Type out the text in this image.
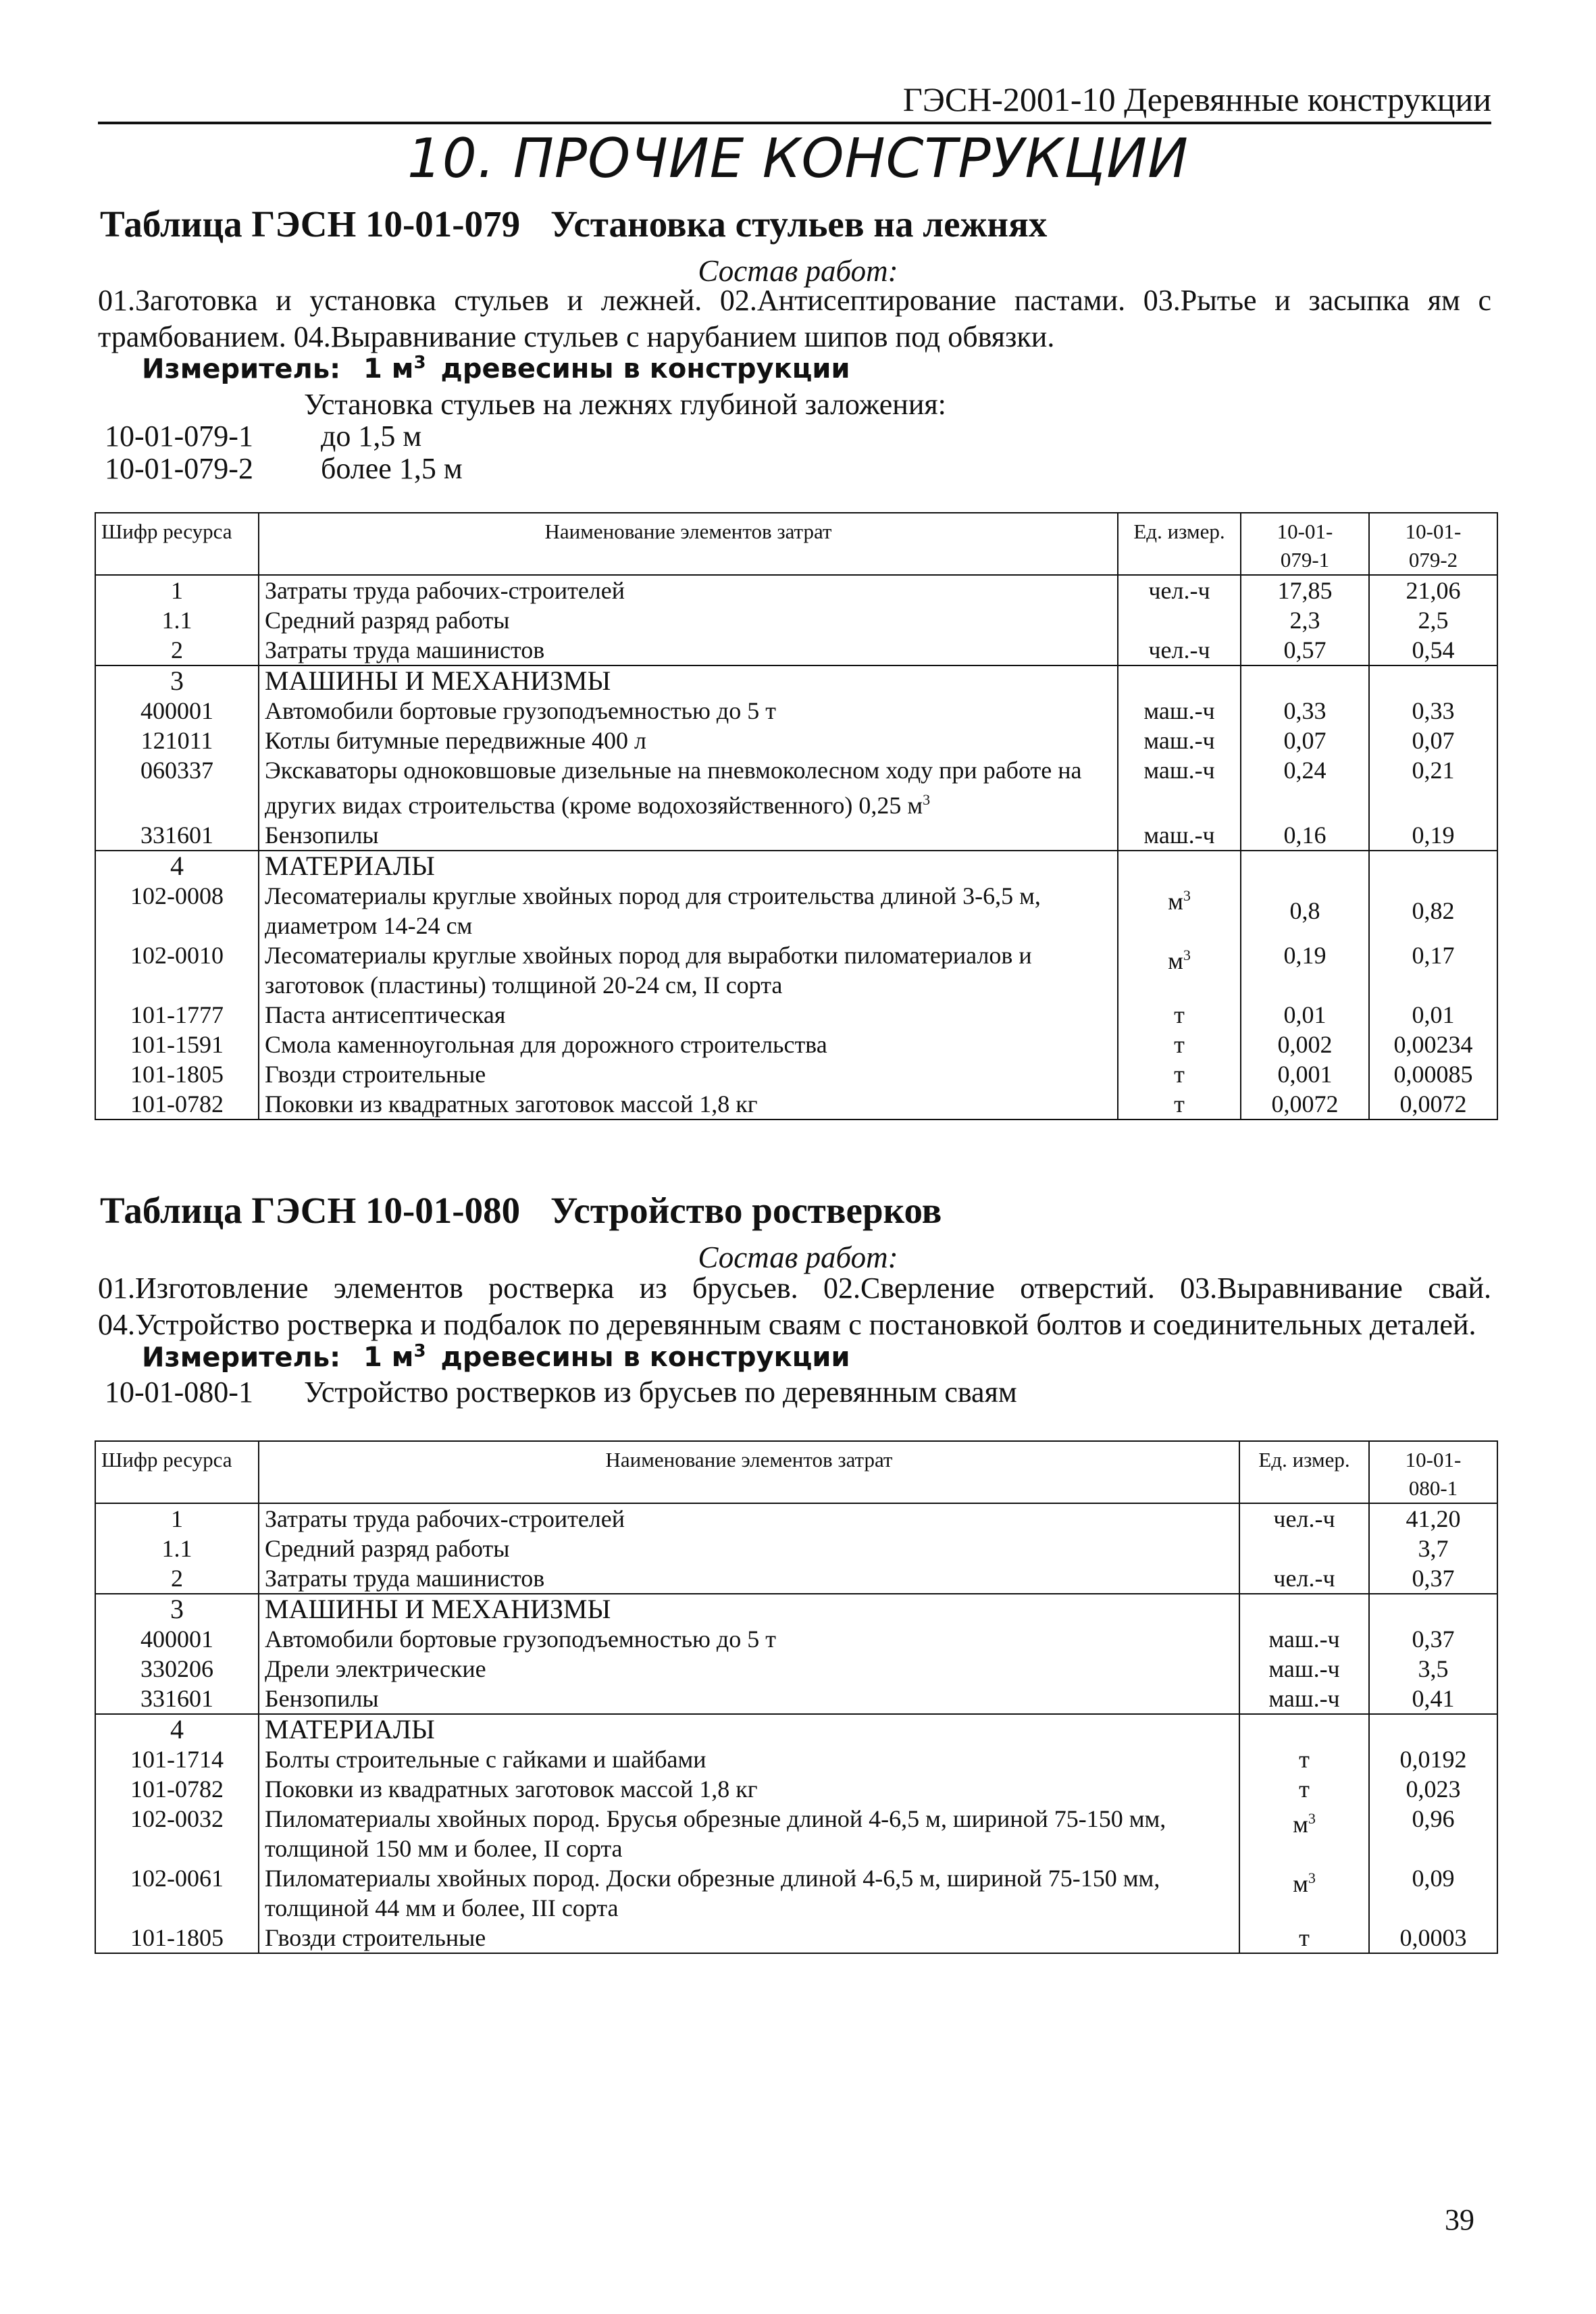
ГЭСН-2001-10 Деревянные конструкции
10. ПРОЧИЕ КОНСТРУКЦИИ
Таблица ГЭСН 10-01-079 Установка стульев на лежнях
Состав работ:
01.Заготовка и установка стульев и лежней. 02.Антисептирование пастами. 03.Рытье и засыпка ям с трамбованием. 04.Выравнивание стульев с нарубанием шипов под обвязки.
Измеритель: 1 $м^3$ древесины в конструкции
Установка стульев на лежнях глубиной заложения:
10-01-079-1 до 1,5 м
10-01-079-2 более 1,5 м
Шифр ресурса	Наименование элементов затрат	Ед. измер.	10-01-
079-1	10-01-
079-2
1	Затраты труда рабочих-строителей	чел.-ч	17,85	21,06
1.1	Средний разряд работы		2,3	2,5
2	Затраты труда машинистов	чел.-ч	0,57	0,54
3	МАШИНЫ И МЕХАНИЗМЫ			
400001	Автомобили бортовые грузоподъемностью до 5 т	маш.-ч	0,33	0,33
121011	Котлы битумные передвижные 400 л	маш.-ч	0,07	0,07
060337	Экскаваторы одноковшовые дизельные на пневмоколесном ходу при работе на других видах строительства (кроме водохозяйственного) 0,25 $м^3$	маш.-ч	0,24	0,21
331601	Бензопилы	маш.-ч	0,16	0,19
4	МАТЕРИАЛЫ			
102-0008	Лесоматериалы круглые хвойных пород для строительства длиной 3-6,5 м, диаметром 14-24 см	$м^3$	0,8	0,82
102-0010	Лесоматериалы круглые хвойных пород для выработки пиломатериалов и заготовок (пластины) толщиной 20-24 см, II сорта	$м^3$	0,19	0,17
101-1777	Паста антисептическая	т	0,01	0,01
101-1591	Смола каменноугольная для дорожного строительства	т	0,002	0,00234
101-1805	Гвозди строительные	т	0,001	0,00085
101-0782	Поковки из квадратных заготовок массой 1,8 кг	т	0,0072	0,0072
Таблица ГЭСН 10-01-080 Устройство ростверков
Состав работ:
01.Изготовление элементов ростверка из брусьев. 02.Сверление отверстий. 03.Выравнивание свай. 04.Устройство ростверка и подбалок по деревянным сваям с постановкой болтов и соединительных деталей.
Измеритель: 1 $м^3$ древесины в конструкции
10-01-080-1 Устройство ростверков из брусьев по деревянным сваям
Шифр ресурса	Наименование элементов затрат	Ед. измер.	10-01-
080-1
1	Затраты труда рабочих-строителей	чел.-ч	41,20
1.1	Средний разряд работы		3,7
2	Затраты труда машинистов	чел.-ч	0,37
3	МАШИНЫ И МЕХАНИЗМЫ		
400001	Автомобили бортовые грузоподъемностью до 5 т	маш.-ч	0,37
330206	Дрели электрические	маш.-ч	3,5
331601	Бензопилы	маш.-ч	0,41
4	МАТЕРИАЛЫ		
101-1714	Болты строительные с гайками и шайбами	т	0,0192
101-0782	Поковки из квадратных заготовок массой 1,8 кг	т	0,023
102-0032	Пиломатериалы хвойных пород. Брусья обрезные длиной 4-6,5 м, шириной 75-150 мм, толщиной 150 мм и более, II сорта	$м^3$	0,96
102-0061	Пиломатериалы хвойных пород. Доски обрезные длиной 4-6,5 м, шириной 75-150 мм, толщиной 44 мм и более, III сорта	$м^3$	0,09
101-1805	Гвозди строительные	т	0,0003
39
